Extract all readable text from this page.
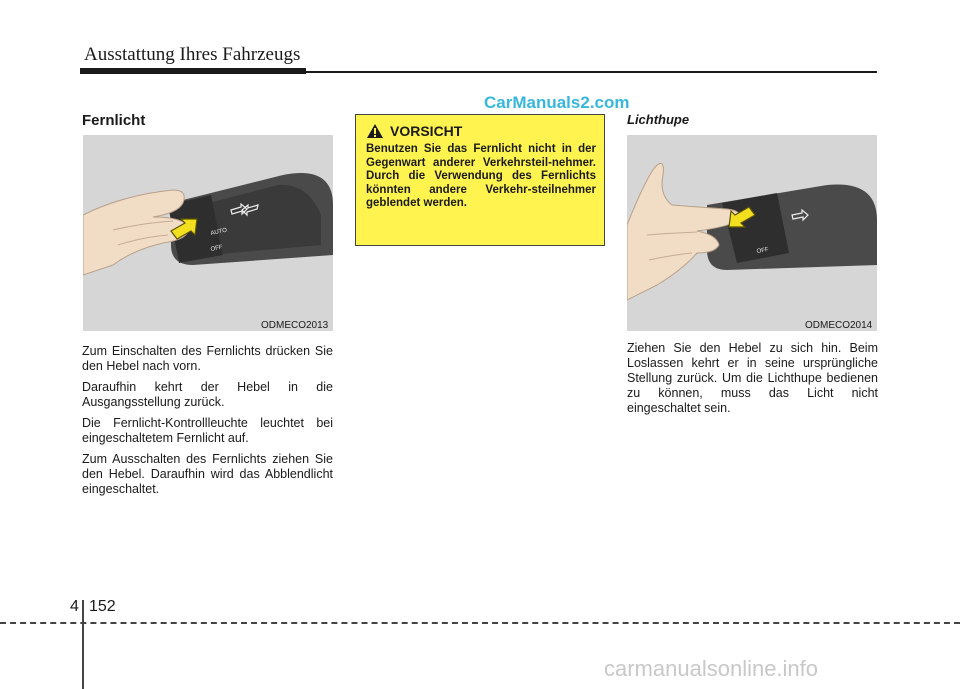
Ausstattung Ihres Fahrzeugs
CarManuals2.com
Fernlicht
AUTO
OFF
ODMECO2013

Zum Einschalten des Fernlichts drücken Sie den Hebel nach vorn.

Daraufhin kehrt der Hebel in die Ausgangsstellung zurück.

Die Fernlicht-Kontrollleuchte leuchtet bei eingeschaltetem Fernlicht auf.

Zum Ausschalten des Fernlichts ziehen Sie den Hebel. Daraufhin wird das Abblendlicht eingeschaltet.

VORSICHT
Benutzen Sie das Fernlicht nicht in der Gegenwart anderer Verkehrsteil-nehmer. Durch die Verwendung des Fernlichts könnten andere Verkehr-steilnehmer geblendet werden.
Lichthupe
OFF
ODMECO2014

Ziehen Sie den Hebel zu sich hin. Beim Loslassen kehrt er in seine ursprüngliche Stellung zurück. Um die Lichthupe bedienen zu können, muss das Licht nicht eingeschaltet sein.

4 152
carmanualsonline.info
